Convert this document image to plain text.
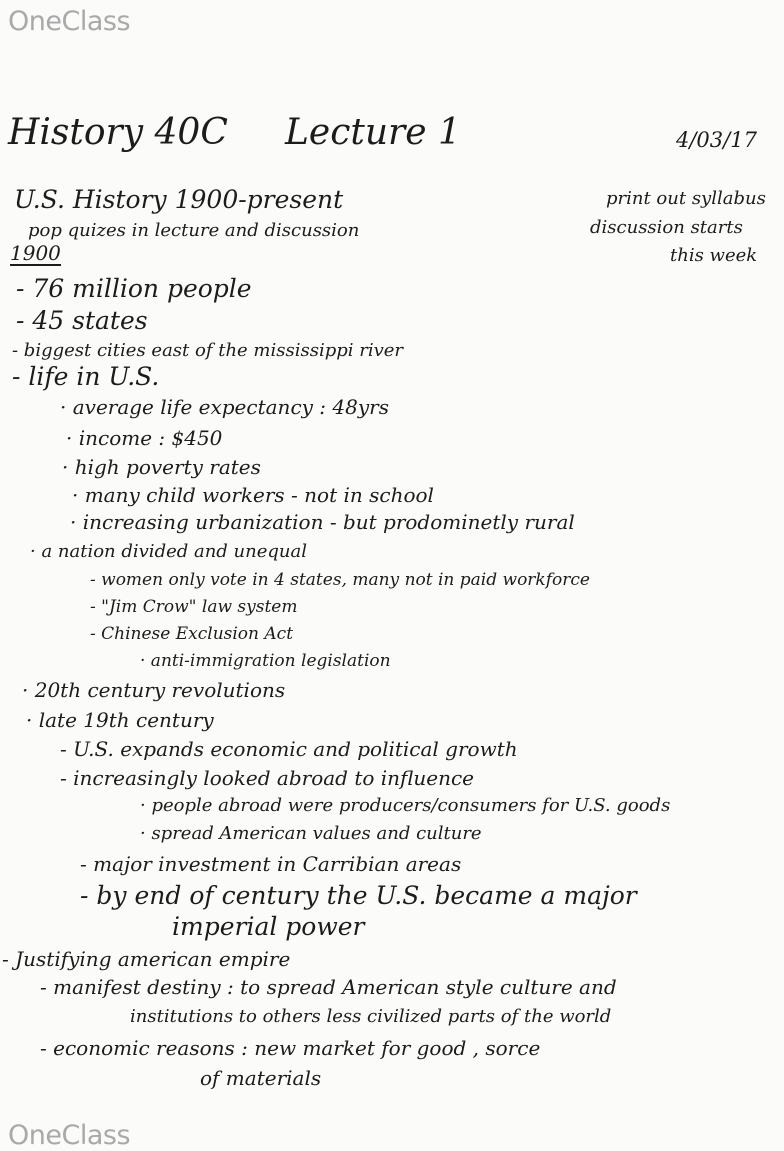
OneClass
History 40C Lecture 1	4/03/17
U.S. History 1900-present
pop quizes in lecture and discussion
print out syllabus
discussion starts
this week
1900
- 76 million people
- 45 states
- biggest cities east of the mississippi river
- life in U.S.
· average life expectancy : 48yrs
· income : $450
· high poverty rates
· many child workers - not in school
· increasing urbanization - but prodominetly rural
· a nation divided and unequal
- women only vote in 4 states, many not in paid workforce
- "Jim Crow" law system
- Chinese Exclusion Act
· anti-immigration legislation
· 20th century revolutions
· late 19th century
- U.S. expands economic and political growth
- increasingly looked abroad to influence
· people abroad were producers/consumers for U.S. goods
· spread American values and culture
- major investment in Carribian areas
- by end of century the U.S. became a major
imperial power
- Justifying american empire
- manifest destiny : to spread American style culture and
institutions to others less civilized parts of the world
- economic reasons : new market for good , sorce
of materials
OneClass
